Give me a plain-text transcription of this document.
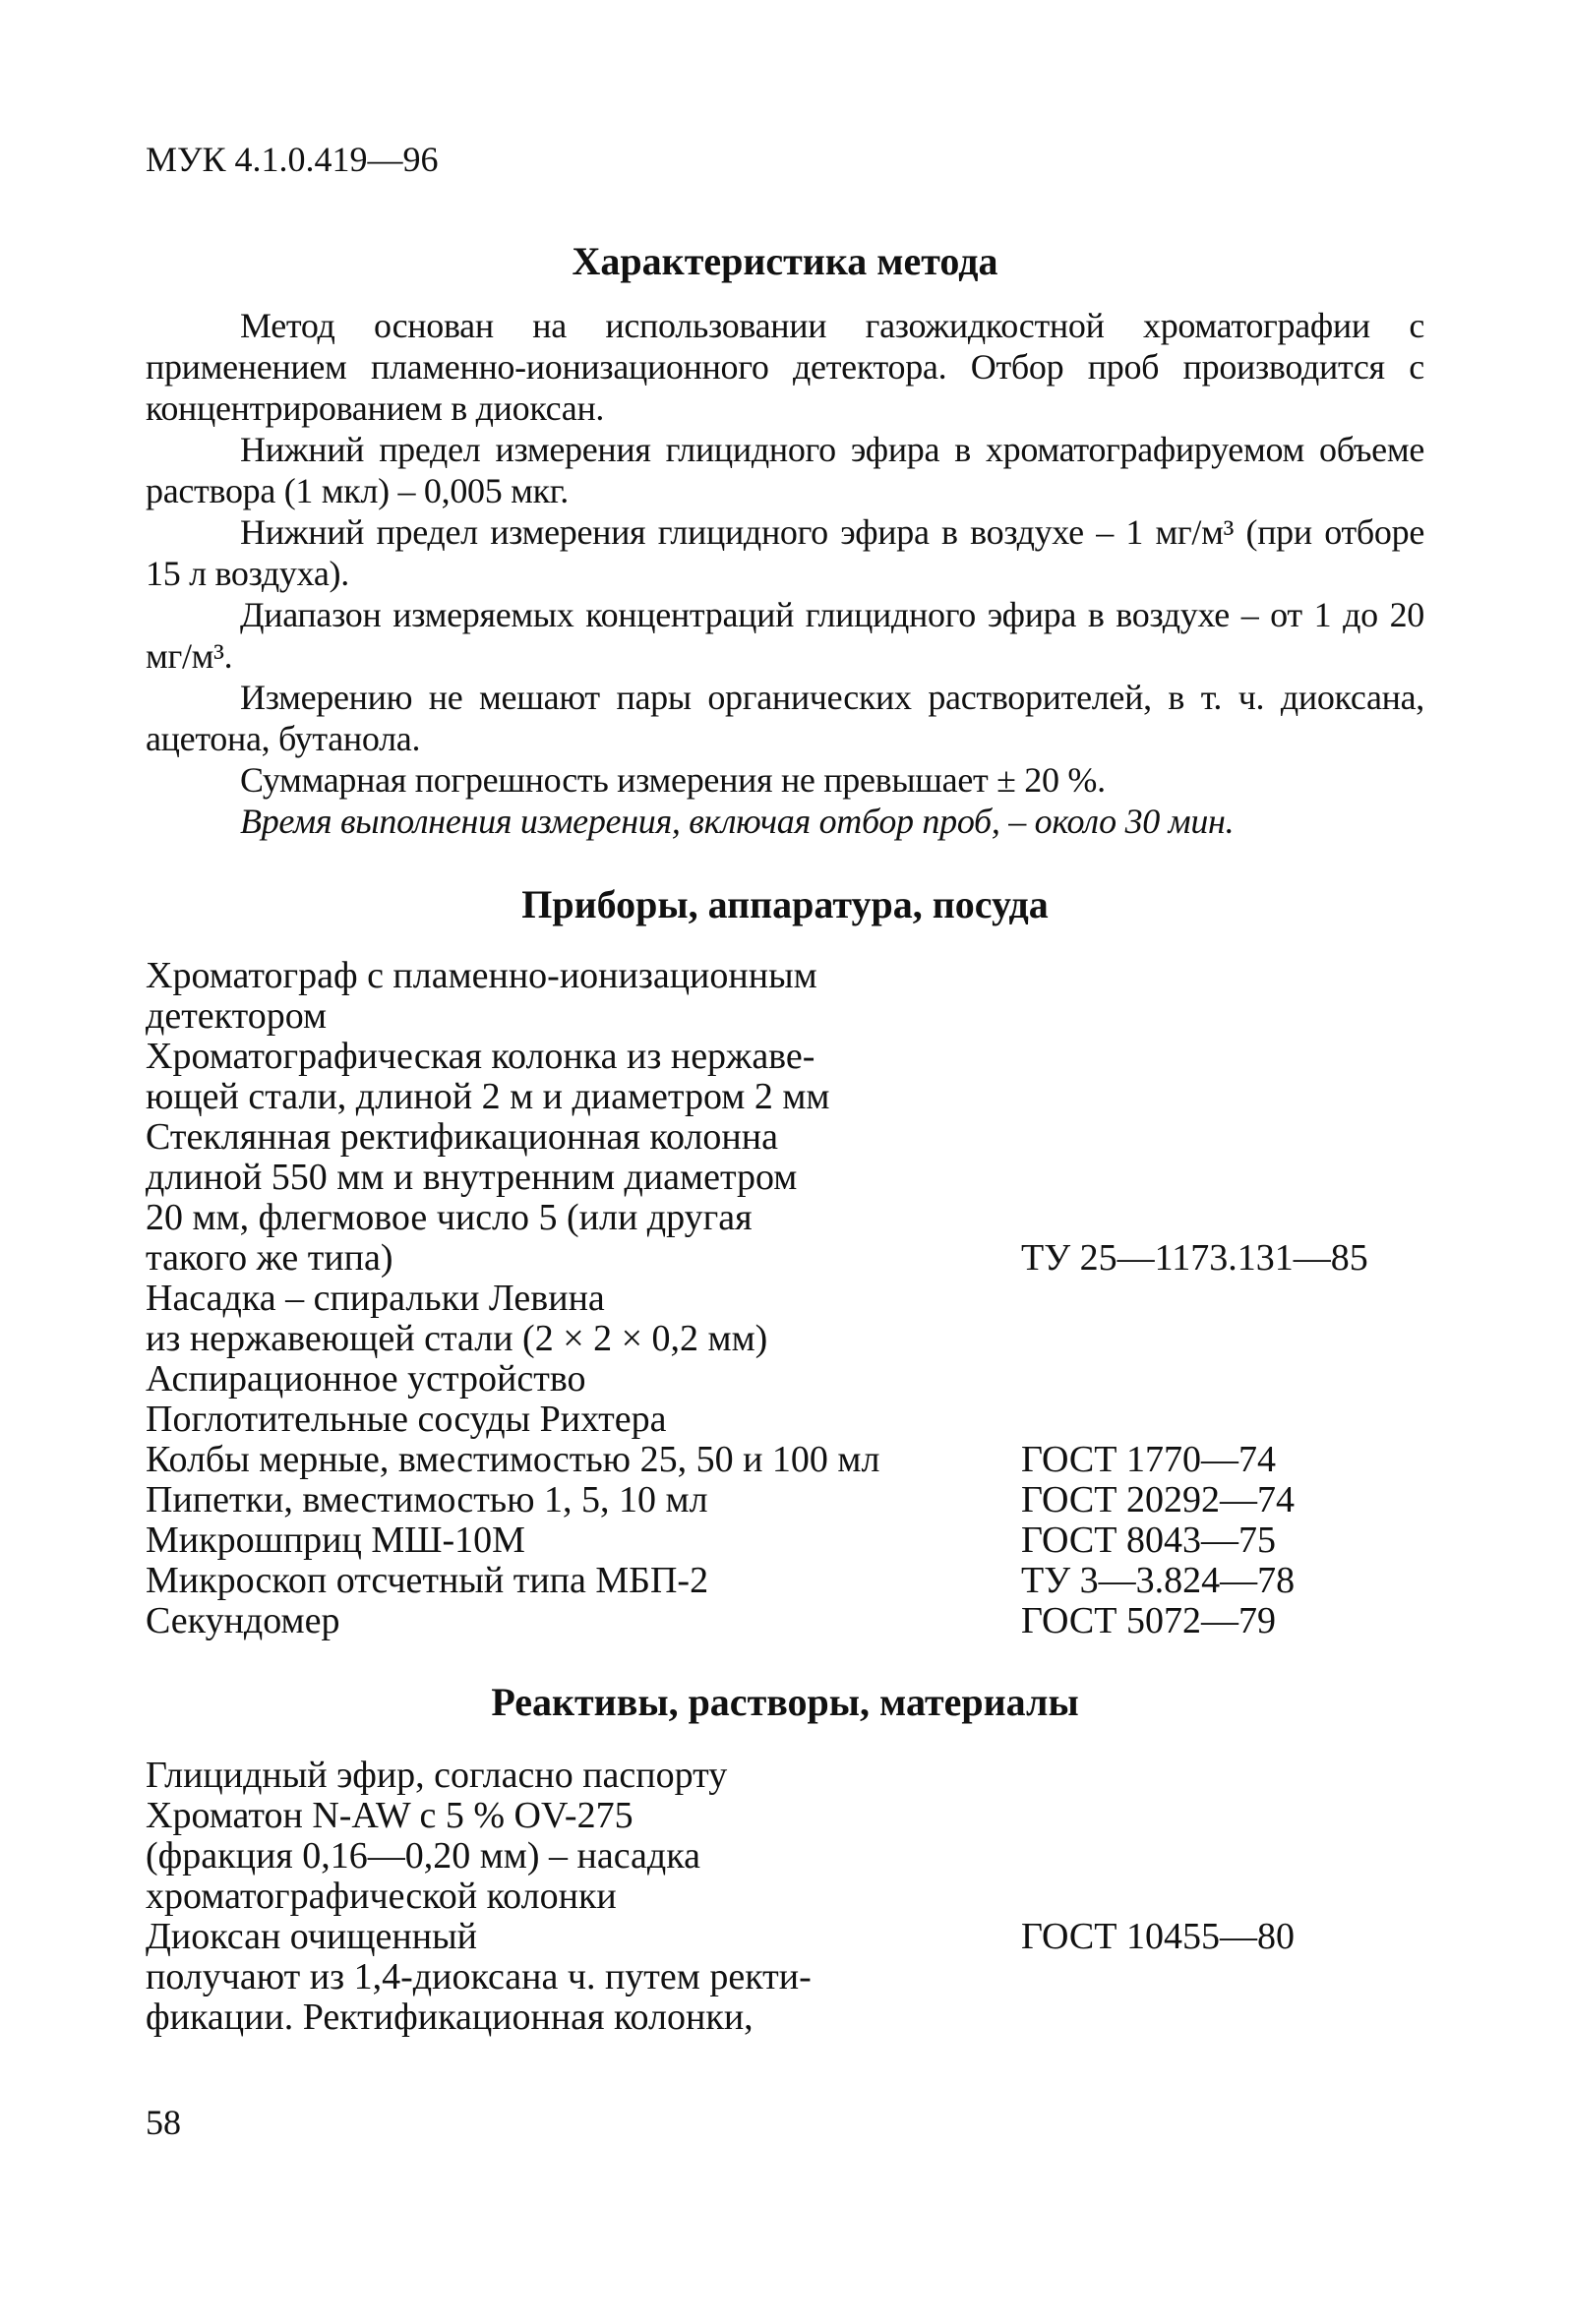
МУК 4.1.0.419—96

Характеристика метода

Метод основан на использовании газожидкостной хроматографии с применением пламенно-ионизационного детектора. Отбор проб производится с концентрированием в диоксан.

Нижний предел измерения глицидного эфира в хроматографируемом объеме раствора (1 мкл) – 0,005 мкг.

Нижний предел измерения глицидного эфира в воздухе – 1 мг/м³ (при отборе 15 л воздуха).

Диапазон измеряемых концентраций глицидного эфира в воздухе – от 1 до 20 мг/м³.

Измерению не мешают пары органических растворителей, в т. ч. диоксана, ацетона, бутанола.

Суммарная погрешность измерения не превышает ± 20 %.

Время выполнения измерения, включая отбор проб, – около 30 мин.

Приборы, аппаратура, посуда
Хроматограф с пламенно-ионизационным
детектором
Хроматографическая колонка из нержаве-
ющей стали, длиной 2 м и диаметром 2 мм
Стеклянная ректификационная колонна
длиной 550 мм и внутренним диаметром
20 мм, флегмовое число 5 (или другая
такого же типа)	ТУ 25—1173.131—85
Насадка – спиральки Левина
из нержавеющей стали (2 × 2 × 0,2 мм)
Аспирационное устройство
Поглотительные сосуды Рихтера
Колбы мерные, вместимостью 25, 50 и 100 мл	ГОСТ 1770—74
Пипетки, вместимостью 1, 5, 10 мл	ГОСТ 20292—74
Микрошприц МШ-10М	ГОСТ 8043—75
Микроскоп отсчетный типа МБП-2	ТУ 3—3.824—78
Секундомер	ГОСТ 5072—79
Реактивы, растворы, материалы
Глицидный эфир, согласно паспорту
Хроматон N-AW с 5 % OV-275
(фракция 0,16—0,20 мм) – насадка
хроматографической колонки
Диоксан очищенный	ГОСТ 10455—80
получают из 1,4-диоксана ч. путем ректи-
фикации. Ректификационная колонки,

58
